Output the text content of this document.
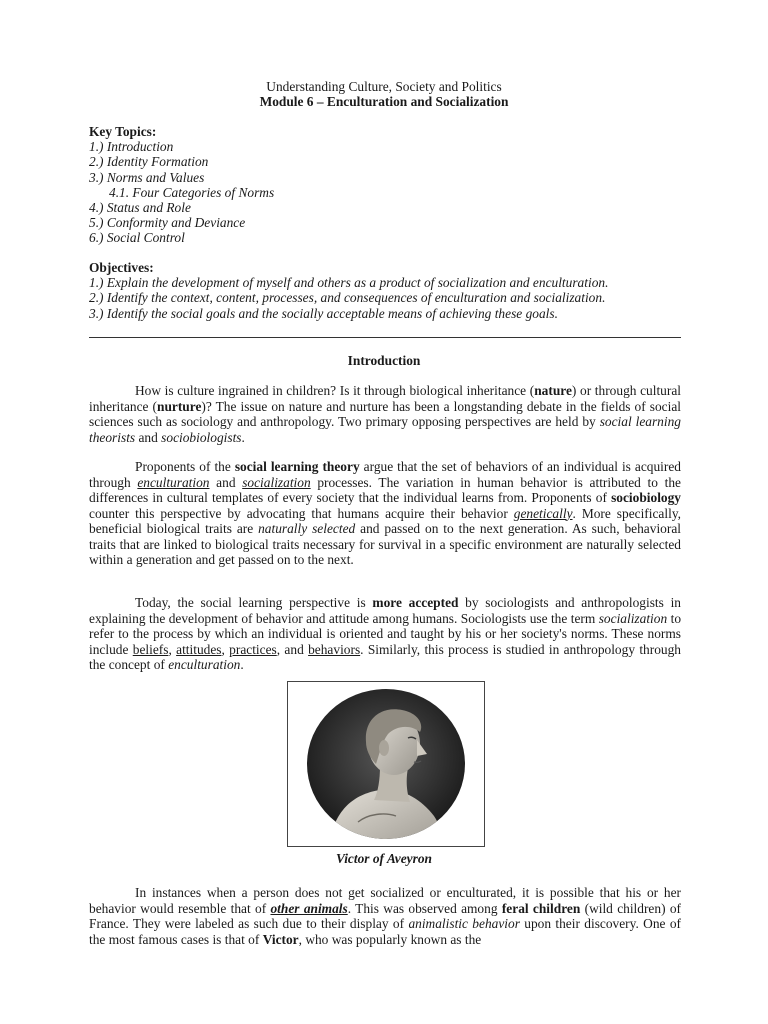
Understanding Culture, Society and Politics
Module 6 – Enculturation and Socialization
Key Topics:
1.) Introduction
2.) Identity Formation
3.) Norms and Values
4.1. Four Categories of Norms
4.) Status and Role
5.) Conformity and Deviance
6.) Social Control
Objectives:
1.) Explain the development of myself and others as a product of socialization and enculturation.
2.) Identify the context, content, processes, and consequences of enculturation and socialization.
3.) Identify the social goals and the socially acceptable means of achieving these goals.
Introduction

How is culture ingrained in children? Is it through biological inheritance (nature) or through cultural inheritance (nurture)? The issue on nature and nurture has been a longstanding debate in the fields of social sciences such as sociology and anthropology. Two primary opposing perspectives are held by social learning theorists and sociobiologists.

Proponents of the social learning theory argue that the set of behaviors of an individual is acquired through enculturation and socialization processes. The variation in human behavior is attributed to the differences in cultural templates of every society that the individual learns from. Proponents of sociobiology counter this perspective by advocating that humans acquire their behavior genetically. More specifically, beneficial biological traits are naturally selected and passed on to the next generation. As such, behavioral traits that are linked to biological traits necessary for survival in a specific environment are naturally selected within a generation and get passed on to the next.

Today, the social learning perspective is more accepted by sociologists and anthropologists in explaining the development of behavior and attitude among humans. Sociologists use the term socialization to refer to the process by which an individual is oriented and taught by his or her society's norms. These norms include beliefs, attitudes, practices, and behaviors. Similarly, this process is studied in anthropology through the concept of enculturation.

Victor of Aveyron

In instances when a person does not get socialized or enculturated, it is possible that his or her behavior would resemble that of other animals. This was observed among feral children (wild children) of France. They were labeled as such due to their display of animalistic behavior upon their discovery. One of the most famous cases is that of Victor, who was popularly known as the
